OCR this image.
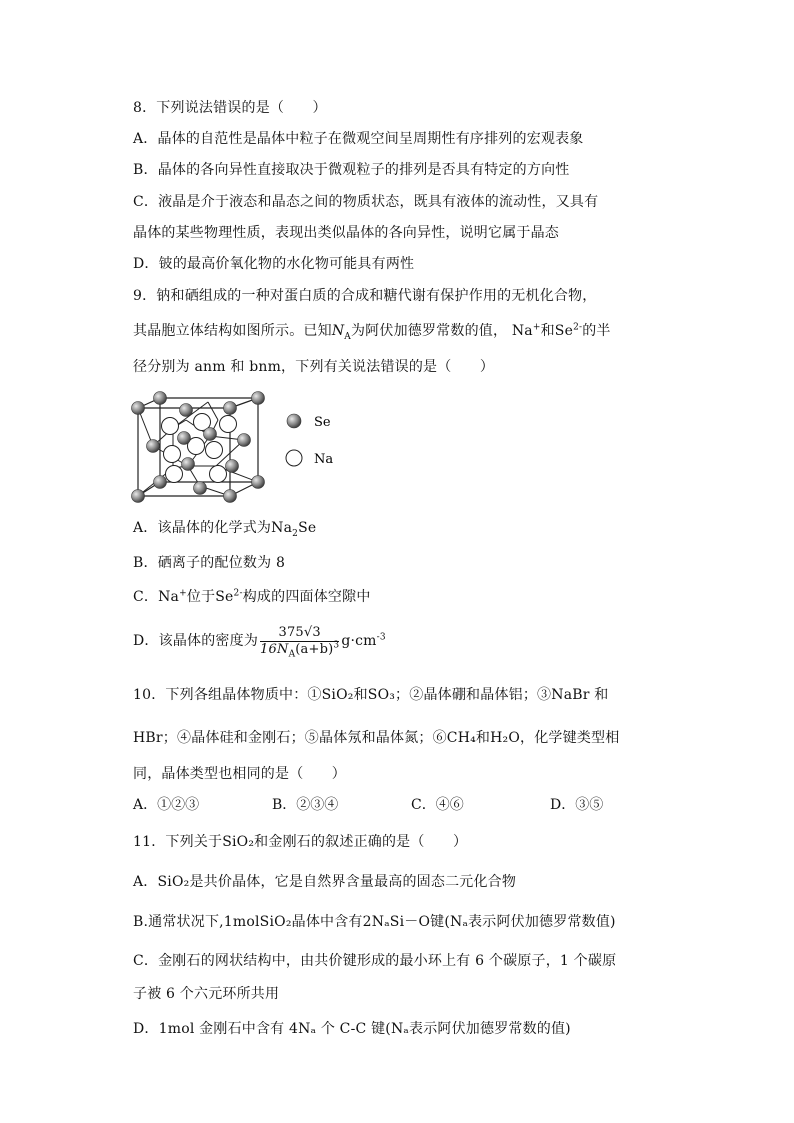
8．下列说法错误的是（　　）
A．晶体的自范性是晶体中粒子在微观空间呈周期性有序排列的宏观表象
B．晶体的各向异性直接取决于微观粒子的排列是否具有特定的方向性
C．液晶是介于液态和晶态之间的物质状态，既具有液体的流动性，又具有
晶体的某些物理性质，表现出类似晶体的各向异性，说明它属于晶态
D．铍的最高价氧化物的水化物可能具有两性
9．钠和硒组成的一种对蛋白质的合成和糖代谢有保护作用的无机化合物，
其晶胞立体结构如图所示。已知$N_A$为阿伏加德罗常数的值， Na+和$Se^{2-}$的半
径分别为 anm 和 bnm，下列有关说法错误的是（　　）
Se
Na
A．该晶体的化学式为$Na_2Se$
B．硒离子的配位数为 8
C．Na+位于$Se^{2-}$构成的四面体空隙中
D．该晶体的密度为 $\frac{375√3}{16N_A(a+b)^3} g\cdot cm^{-3}$
10．下列各组晶体物质中：①SiO₂和SO₃；②晶体硼和晶体铝；③NaBr 和
HBr；④晶体硅和金刚石；⑤晶体氖和晶体氮；⑥CH₄和H₂O，化学键类型相
同，晶体类型也相同的是（　　）
A．①②③	B．②③④	C．④⑥	D．③⑤
11．下列关于SiO₂和金刚石的叙述正确的是（　　）
A．SiO₂是共价晶体，它是自然界含量最高的固态二元化合物
B.通常状况下,1molSiO₂晶体中含有2NₐSi－O键(Nₐ表示阿伏加德罗常数值)
C．金刚石的网状结构中，由共价键形成的最小环上有 6 个碳原子，1 个碳原
子被 6 个六元环所共用
D．1mol 金刚石中含有 4Nₐ 个 C-C 键(Nₐ表示阿伏加德罗常数的值)
